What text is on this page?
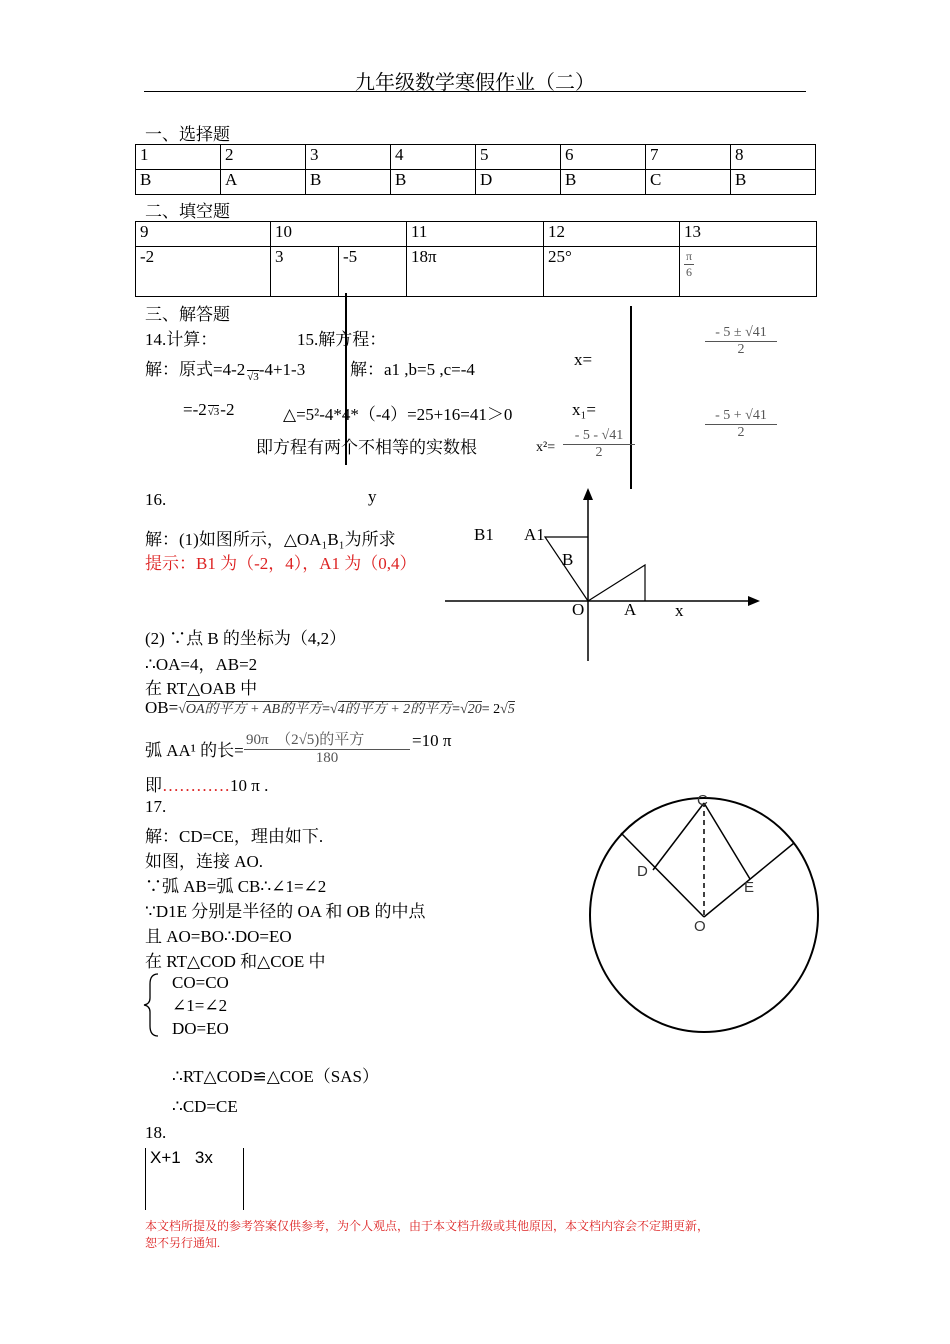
九年级数学寒假作业（二）
一、选择题
1	2	3	4	5	6	7	8
B	A	B	B	D	B	C	B
二、填空题
9	10		11	12	13
-2	3	-5	18π	25°	$\frac{\pi}{6}$
三、解答题
14.计算：	15.解方程：
解：原式=4-2 $_{√3}$-4+1-3	解：a1 ,b=5 ,c=-4
x=
$\frac{- 5 \pm √41}{2}$
=-2√3-2	△=5²-4*4*（-4）=25+16=41＞0	x₁=	$\frac{- 5 + √41}{2}$
即方程有两个不相等的实数根	$x^2= \frac{- 5 - √41}{2}$
16.
解：(1)如图所示，△OA₁B₁为所求
提示：B1 为（-2，4），A1 为（0,4）
y
B1 A1
B
O A x
(2) ∵点 B 的坐标为（4,2）
∴OA=4，AB=2
在 RT△OAB 中
OB=√OA的平方 + AB的平方=√4的平方 + 2的平方=√20= 2√5
弧 AA¹ 的长=
90π　（2√5)的平方
180
=10 π
即…………10 π .
17.
解：CD=CE，理由如下.
如图，连接 AO.
∵弧 AB=弧 CB∴∠1=∠2
∵D1E 分别是半径的 OA 和 OB 的中点
且 AO=BO∴DO=EO
在 RT△COD 和△COE 中
CO=CO
∠1=∠2
DO=EO
∴RT△COD≌△COE（SAS）
∴CD=CE
C
D
E
O
18.
X+1   3x
本文档所提及的参考答案仅供参考，为个人观点，由于本文档升级或其他原因，本文档内容会不定期更新，
恕不另行通知.
